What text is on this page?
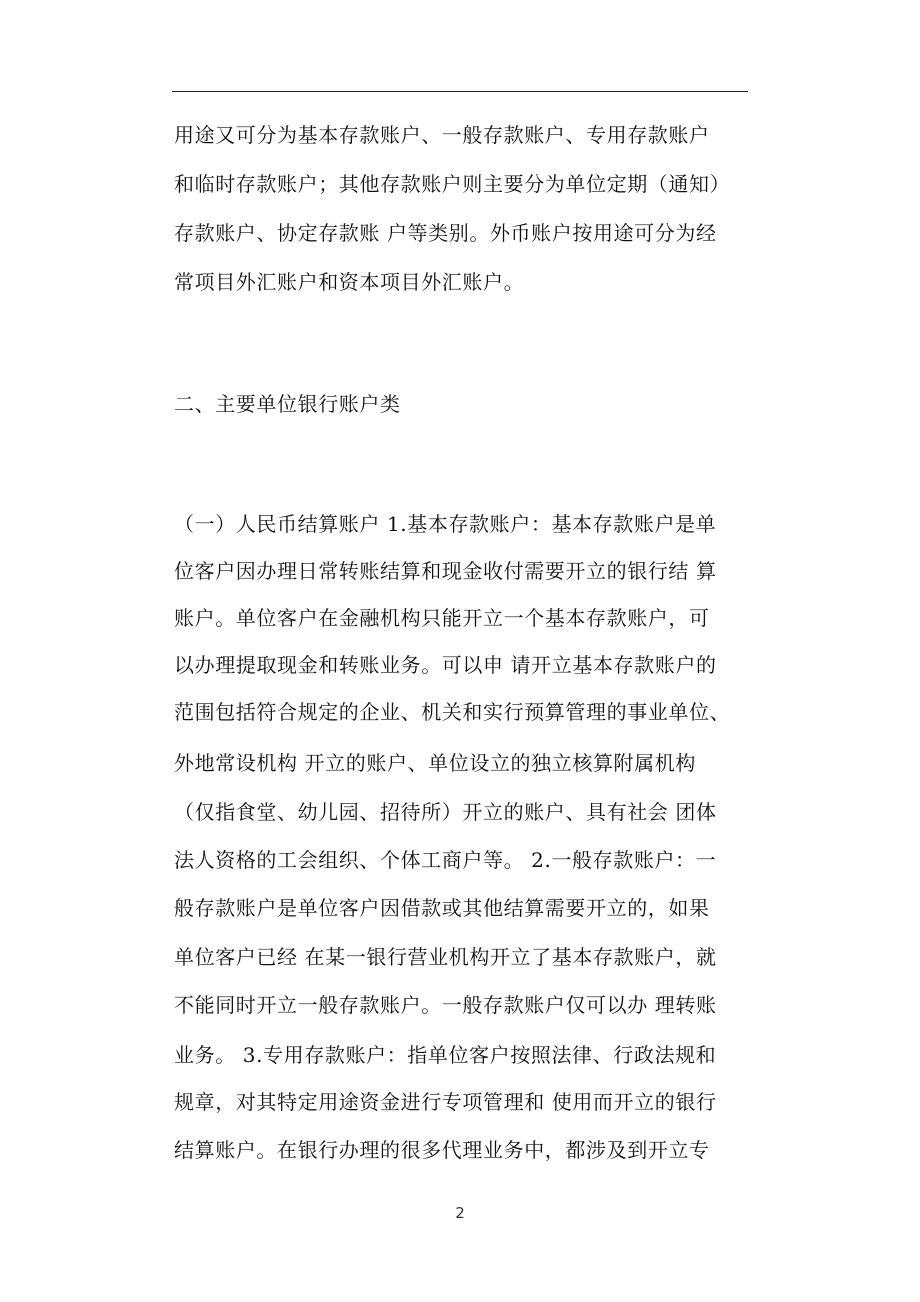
用途又可分为基本存款账户、一般存款账户、专用存款账户
和临时存款账户；其他存款账户则主要分为单位定期（通知）
存款账户、协定存款账 户等类别。外币账户按用途可分为经
常项目外汇账户和资本项目外汇账户。
二、主要单位银行账户类
（一）人民币结算账户 1.基本存款账户：基本存款账户是单
位客户因办理日常转账结算和现金收付需要开立的银行结 算
账户。单位客户在金融机构只能开立一个基本存款账户，可
以办理提取现金和转账业务。可以申 请开立基本存款账户的
范围包括符合规定的企业、机关和实行预算管理的事业单位、
外地常设机构 开立的账户、单位设立的独立核算附属机构
（仅指食堂、幼儿园、招待所）开立的账户、具有社会 团体
法人资格的工会组织、个体工商户等。 2.一般存款账户：一
般存款账户是单位客户因借款或其他结算需要开立的，如果
单位客户已经 在某一银行营业机构开立了基本存款账户，就
不能同时开立一般存款账户。一般存款账户仅可以办 理转账
业务。 3.专用存款账户：指单位客户按照法律、行政法规和
规章，对其特定用途资金进行专项管理和 使用而开立的银行
结算账户。在银行办理的很多代理业务中，都涉及到开立专
2
